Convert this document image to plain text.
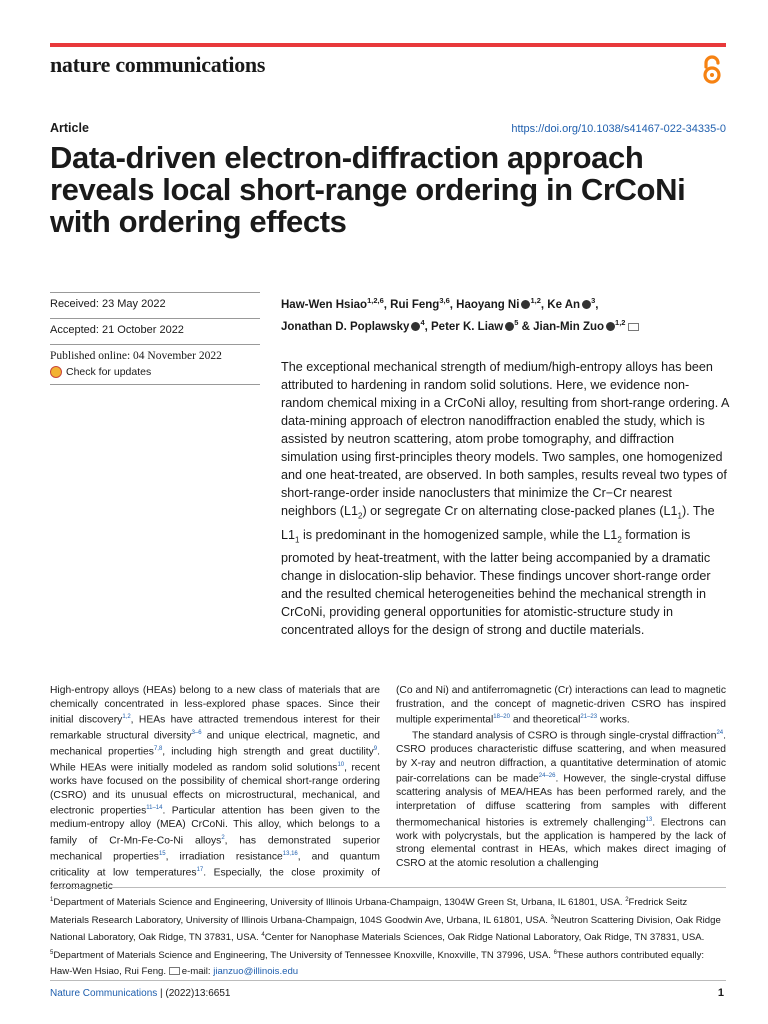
nature communications
Article	https://doi.org/10.1038/s41467-022-34335-0
Data-driven electron-diffraction approach reveals local short-range ordering in CrCoNi with ordering effects
Received: 23 May 2022
Accepted: 21 October 2022
Published online: 04 November 2022
Check for updates
Haw-Wen Hsiao$^{1,2,6}$, Rui Feng$^{3,6}$, Haoyang Ni $^{1,2}$, Ke An $^3$,
Jonathan D. Poplawsky $^4$, Peter K. Liaw $^5$ & Jian-Min Zuo $^{1,2}$

The exceptional mechanical strength of medium/high-entropy alloys has been attributed to hardening in random solid solutions. Here, we evidence non-random chemical mixing in a CrCoNi alloy, resulting from short-range ordering. A data-mining approach of electron nanodiffraction enabled the study, which is assisted by neutron scattering, atom probe tomography, and diffraction simulation using first-principles theory models. Two samples, one homogenized and one heat-treated, are observed. In both samples, results reveal two types of short-range-order inside nanoclusters that minimize the Cr−Cr nearest neighbors $(L1_2)$ or segregate Cr on alternating close-packed planes $(L1_1)$. The $L1_1$ is predominant in the homogenized sample, while the $L1_2$ formation is promoted by heat-treatment, with the latter being accompanied by a dramatic change in dislocation-slip behavior. These findings uncover short-range order and the resulted chemical heterogeneities behind the mechanical strength in CrCoNi, providing general opportunities for atomistic-structure study in concentrated alloys for the design of strong and ductile materials.

High-entropy alloys (HEAs) belong to a new class of materials that are chemically concentrated in less-explored phase spaces. Since their initial discovery$^{1,2}$, HEAs have attracted tremendous interest for their remarkable structural diversity$^{3-6}$ and unique electrical, magnetic, and mechanical properties$^{7,8}$, including high strength and great ductility$^9$. While HEAs were initially modeled as random solid solutions$^{10}$, recent works have focused on the possibility of chemical short-range ordering (CSRO) and its unusual effects on microstructural, mechanical, and electronic properties$^{11-14}$. Particular attention has been given to the medium-entropy alloy (MEA) CrCoNi. This alloy, which belongs to a family of Cr-Mn-Fe-Co-Ni alloys$^2$, has demonstrated superior mechanical properties$^{15}$, irradiation resistance$^{13,16}$, and quantum criticality at low temperatures$^{17}$. Especially, the close proximity of

(Co and Ni) and antiferromagnetic (Cr) interactions can lead to magnetic frustration, and the concept of magnetic-driven CSRO has inspired multiple experimental$^{18-20}$ and theoretical$^{21-23}$ works.

The standard analysis of CSRO is through single-crystal diffraction$^{24}$. CSRO produces characteristic diffuse scattering, and when measured by X-ray and neutron diffraction, a quantitative determination of atomic pair-correlations can be made$^{24-26}$. However, the single-crystal diffuse scattering analysis of MEA/HEAs has been performed rarely, and the interpretation of diffuse scattering from samples with different thermomechanical histories is extremely challenging$^{13}$. Electrons can work with polycrystals, but the application is hampered by the lack of strong elemental contrast in HEAs, which makes direct imaging of CSRO at the atomic resolution a challenging

$^1$Department of Materials Science and Engineering, University of Illinois Urbana-Champaign, 1304W Green St, Urbana, IL 61801, USA. $^2$Fredrick Seitz Materials Research Laboratory, University of Illinois Urbana-Champaign, 104S Goodwin Ave, Urbana, IL 61801, USA. $^3$Neutron Scattering Division, Oak Ridge National Laboratory, Oak Ridge, TN 37831, USA. $^4$Center for Nanophase Materials Sciences, Oak Ridge National Laboratory, Oak Ridge, TN 37831, USA. $^5$Department of Materials Science and Engineering, The University of Tennessee Knoxville, Knoxville, TN 37996, USA. $^6$These authors contributed equally: Haw-Wen Hsiao, Rui Feng. e-mail: jianzuo@illinois.edu

Nature Communications | (2022)13:6651	1
